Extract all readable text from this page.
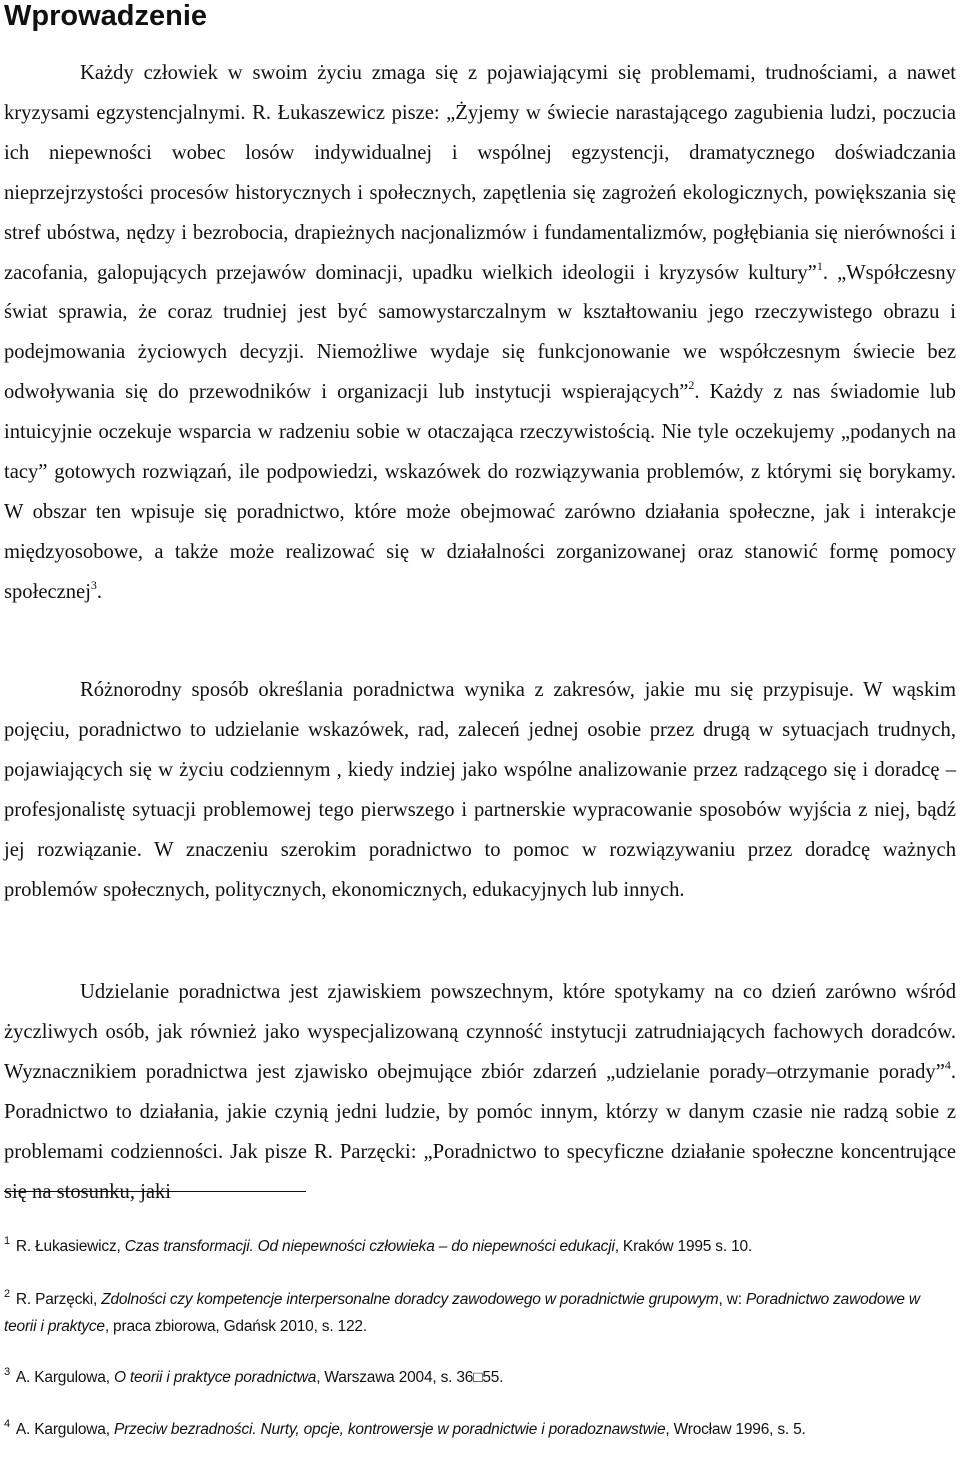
Wprowadzenie

Każdy człowiek w swoim życiu zmaga się z pojawiającymi się problemami, trudnościami, a nawet kryzysami egzystencjalnymi. R. Łukaszewicz pisze: „Żyjemy w świecie narastającego zagubienia ludzi, poczucia ich niepewności wobec losów indywidualnej i wspólnej egzystencji, dramatycznego doświadczania nieprzejrzystości procesów historycznych i społecznych, zapętlenia się zagrożeń ekologicznych, powiększania się stref ubóstwa, nędzy i bezrobocia, drapieżnych nacjonalizmów i fundamentalizmów, pogłębiania się nierówności i zacofania, galopujących przejawów dominacji, upadku wielkich ideologii i kryzysów kultury”$^1$. „Współczesny świat sprawia, że coraz trudniej jest być samowystarczalnym w kształtowaniu jego rzeczywistego obrazu i podejmowania życiowych decyzji. Niemożliwe wydaje się funkcjonowanie we współczesnym świecie bez odwoływania się do przewodników i organizacji lub instytucji wspierających”$^2$. Każdy z nas świadomie lub intuicyjnie oczekuje wsparcia w radzeniu sobie w otaczająca rzeczywistością. Nie tyle oczekujemy „podanych na tacy” gotowych rozwiązań, ile podpowiedzi, wskazówek do rozwiązywania problemów, z którymi się borykamy. W obszar ten wpisuje się poradnictwo, które może obejmować zarówno działania społeczne, jak i interakcje międzyosobowe, a także może realizować się w działalności zorganizowanej oraz stanowić formę pomocy społecznej$^3$.

Różnorodny sposób określania poradnictwa wynika z zakresów, jakie mu się przypisuje. W wąskim pojęciu, poradnictwo to udzielanie wskazówek, rad, zaleceń jednej osobie przez drugą w sytuacjach trudnych, pojawiających się w życiu codziennym , kiedy indziej jako wspólne analizowanie przez radzącego się i doradcę – profesjonalistę sytuacji problemowej tego pierwszego i partnerskie wypracowanie sposobów wyjścia z niej, bądź jej rozwiązanie. W znaczeniu szerokim poradnictwo to pomoc w rozwiązywaniu przez doradcę ważnych problemów społecznych, politycznych, ekonomicznych, edukacyjnych lub innych.

Udzielanie poradnictwa jest zjawiskiem powszechnym, które spotykamy na co dzień zarówno wśród życzliwych osób, jak również jako wyspecjalizowaną czynność instytucji zatrudniających fachowych doradców. Wyznacznikiem poradnictwa jest zjawisko obejmujące zbiór zdarzeń „udzielanie porady–otrzymanie porady”$^4$. Poradnictwo to działania, jakie czynią jedni ludzie, by pomóc innym, którzy w danym czasie nie radzą sobie z problemami codzienności. Jak pisze R. Parzęcki: „Poradnictwo to specyficzne działanie społeczne koncentrujące się na stosunku, jaki

$^1$ R. Łukasiewicz, Czas transformacji. Od niepewności człowieka – do niepewności edukacji, Kraków 1995 s. 10.

$^2$ R. Parzęcki, Zdolności czy kompetencje interpersonalne doradcy zawodowego w poradnictwie grupowym, w: Poradnictwo zawodowe w teorii i praktyce, praca zbiorowa, Gdańsk 2010, s. 122.

$^3$ A. Kargulowa, O teorii i praktyce poradnictwa, Warszawa 2004, s. 36□55.

$^4$ A. Kargulowa, Przeciw bezradności. Nurty, opcje, kontrowersje w poradnictwie i poradoznawstwie, Wrocław 1996, s. 5.
